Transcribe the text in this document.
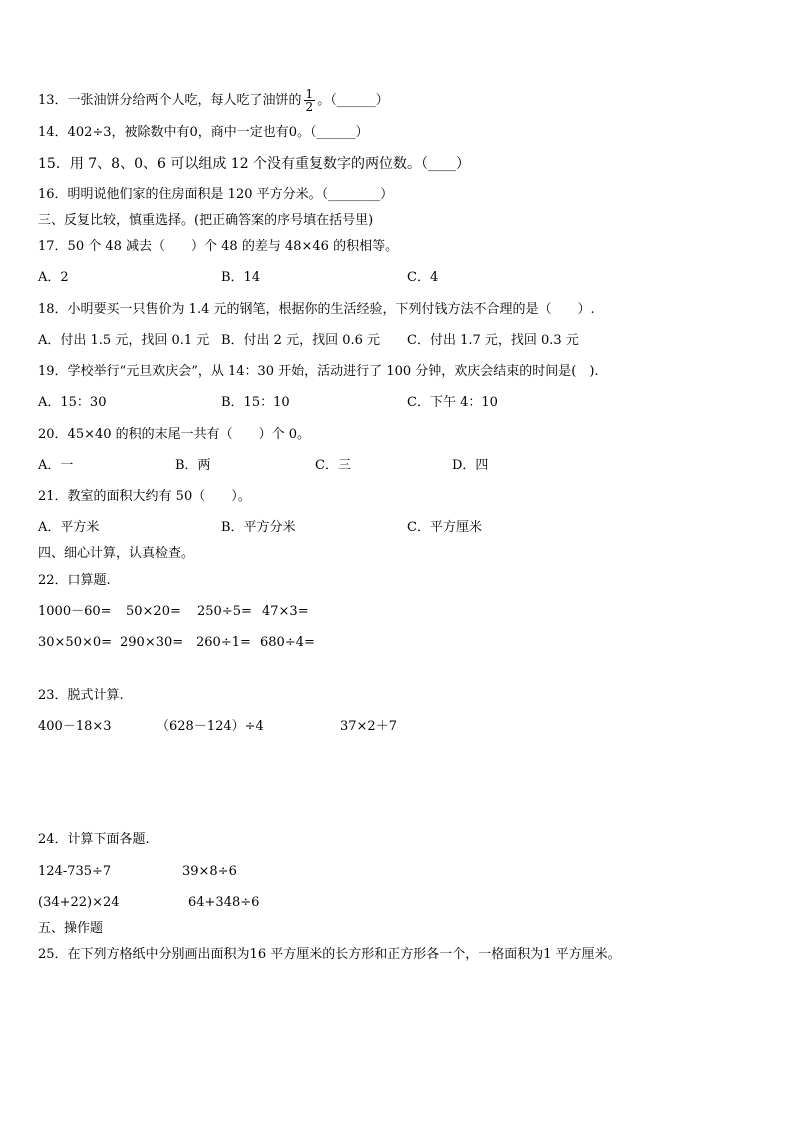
13．一张油饼分给两个人吃，每人吃了油饼的 $\frac{1}{2}$ 。（______）
14．402÷3，被除数中有0，商中一定也有0。（______）
15．用 7、8、0、6 可以组成 12 个没有重复数字的两位数。（____）
16．明明说他们家的住房面积是 120 平方分米。（________）
三、反复比较，慎重选择。(把正确答案的序号填在括号里)
17．50 个 48 减去（　　）个 48 的差与 48×46 的积相等。
A．2	B．14	C．4
18．小明要买一只售价为 1.4 元的钢笔，根据你的生活经验，下列付钱方法不合理的是（　　）.
A．付出 1.5 元，找回 0.1 元 B．付出 2 元，找回 0.6 元 C．付出 1.7 元，找回 0.3 元
19．学校举行“元旦欢庆会”，从 14：30 开始，活动进行了 100 分钟，欢庆会结束的时间是(　).
A．15：30	B．15：10	C．下午 4：10
20．45×40 的积的末尾一共有（　　）个 0。
A．一	B．两	C．三	D．四
21．教室的面积大约有 50（　　）。
A．平方米	B．平方分米	C．平方厘米
四、细心计算，认真检查。
22．口算题.
1000－60= 50×20= 250÷5= 47×3=
30×50×0= 290×30= 260÷1= 680÷4=
23．脱式计算.
400－18×3	（628－124）÷4	37×2＋7
24．计算下面各题.
124-735÷7	39×8÷6
(34+22)×24	64+348÷6
五、操作题
25．在下列方格纸中分别画出面积为16 平方厘米的长方形和正方形各一个，一格面积为1 平方厘米。
